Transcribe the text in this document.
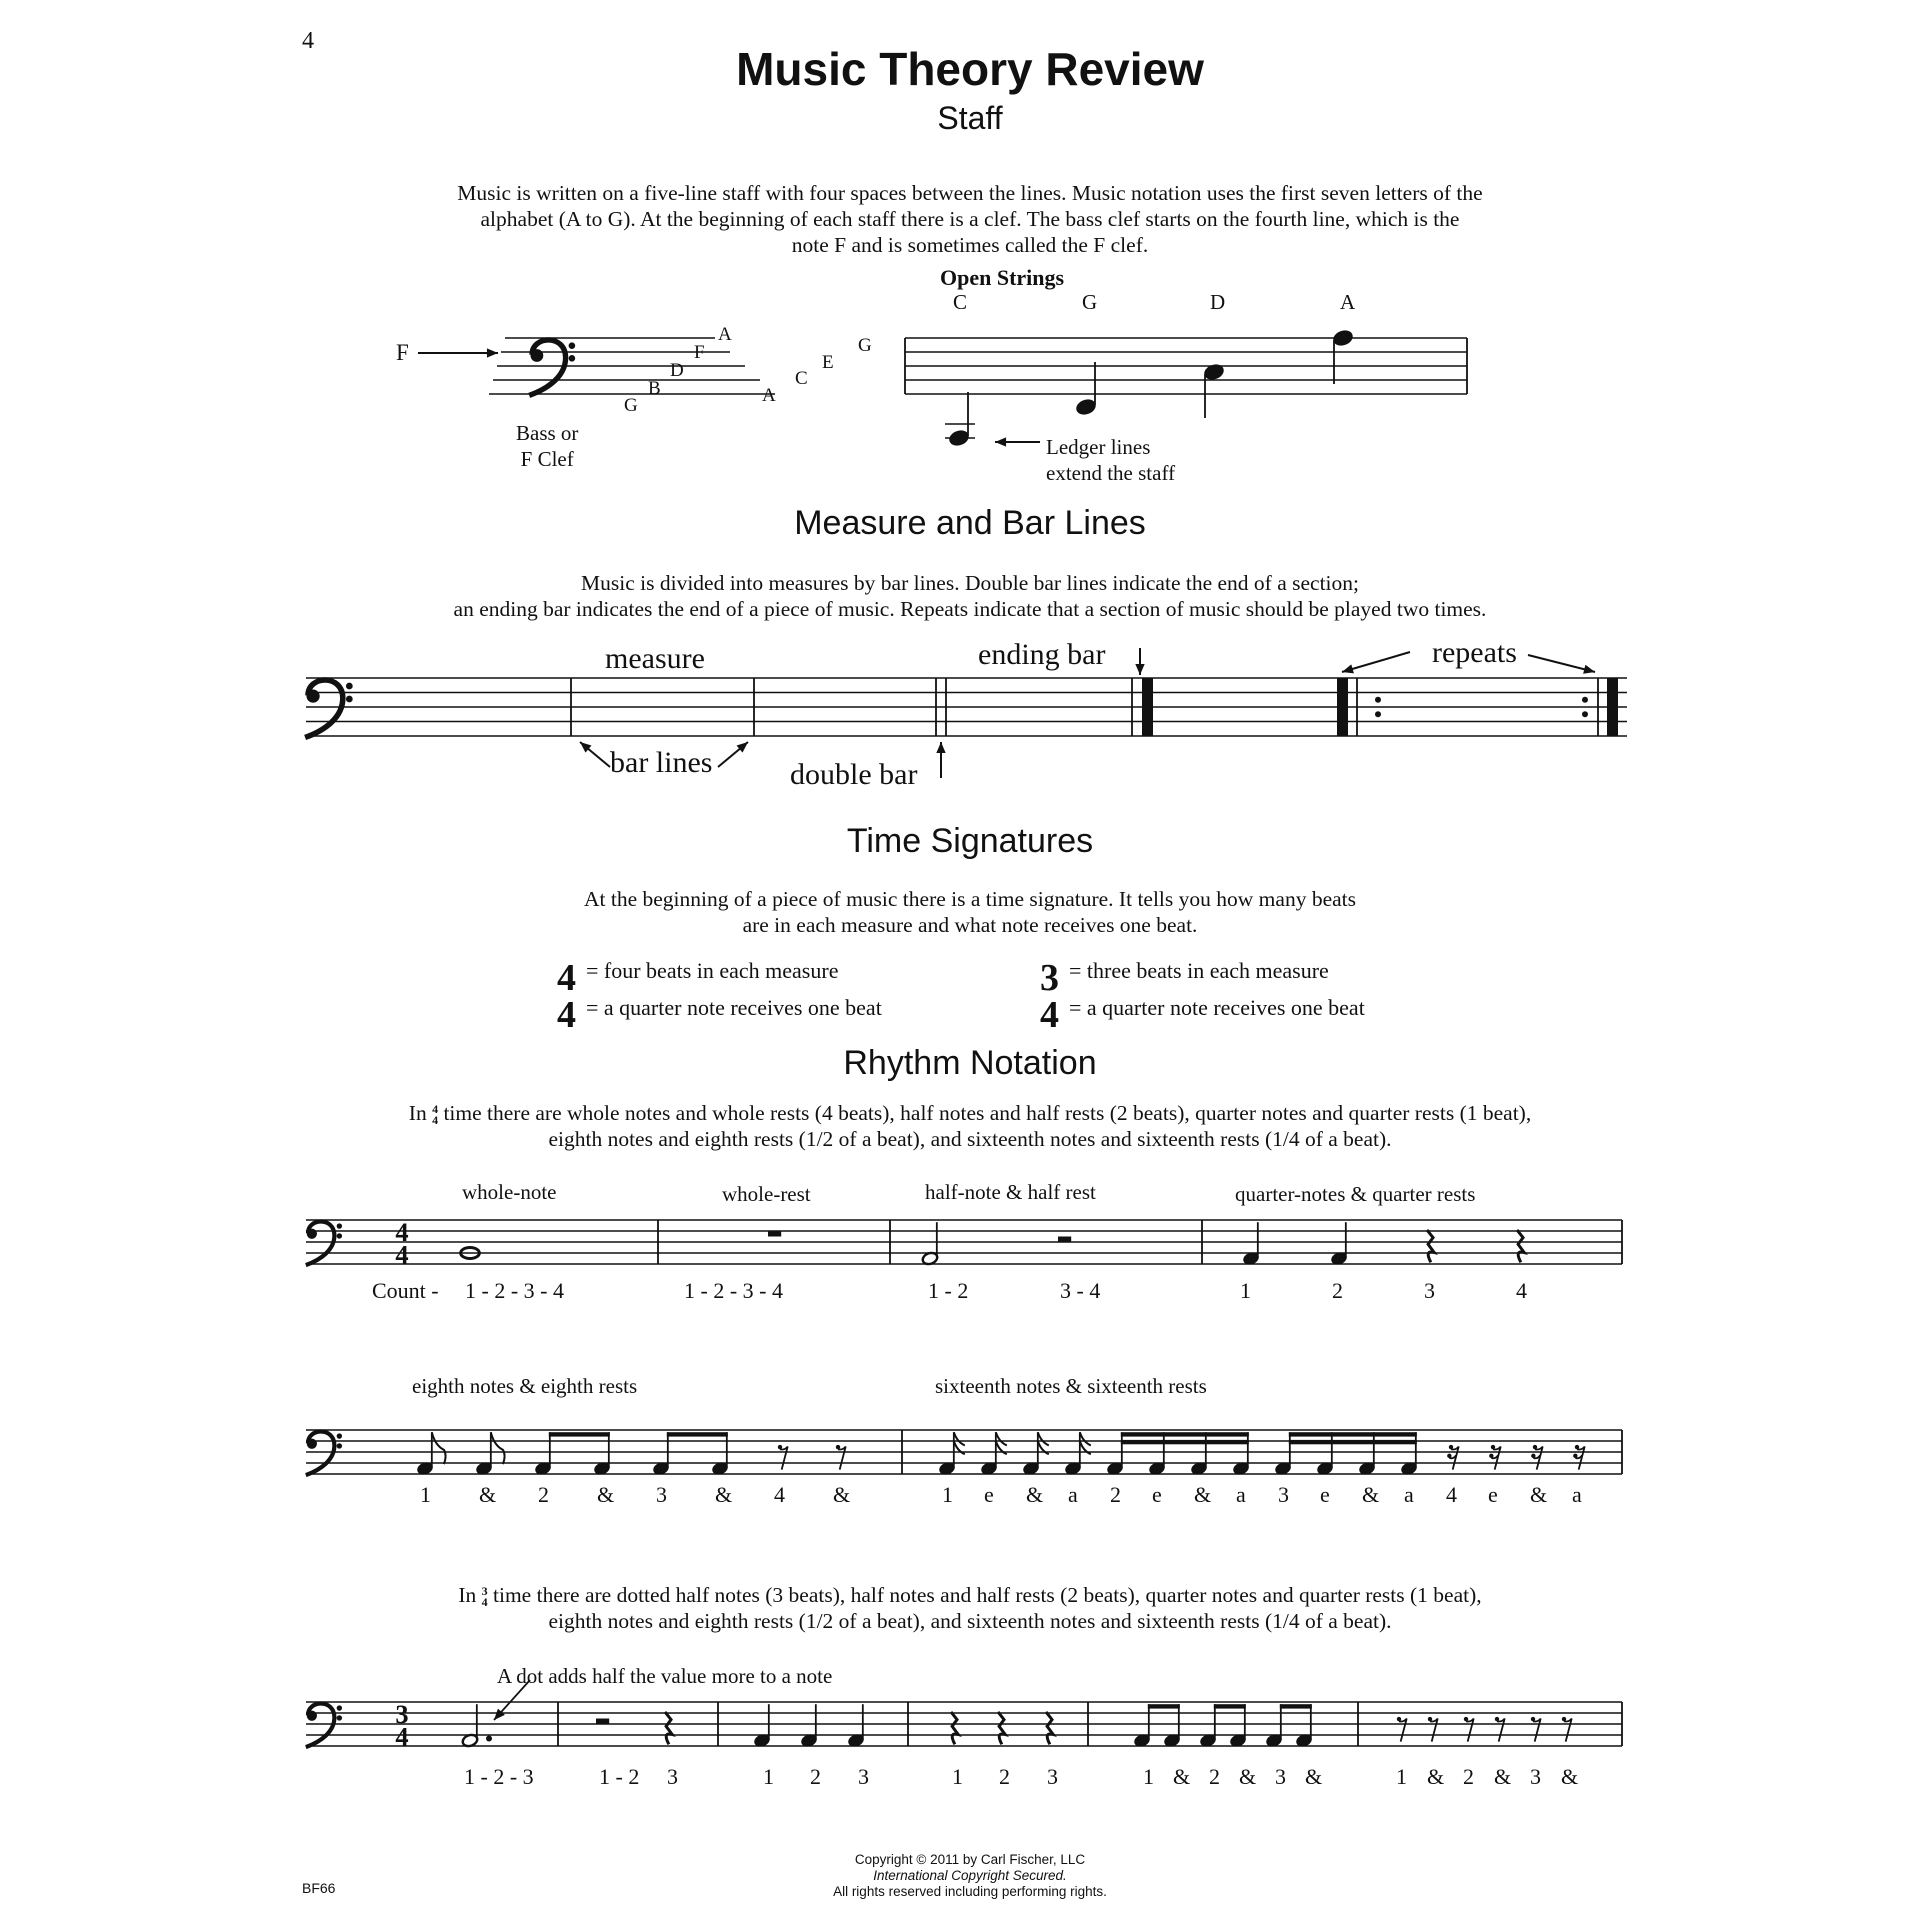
4
Music Theory Review
Staff
Music is written on a five-line staff with four spaces between the lines. Music notation uses the first seven letters of the
alphabet (A to G). At the beginning of each staff there is a clef. The bass clef starts on the fourth line, which is the
note F and is sometimes called the F clef.
Open Strings
C	G	D	A
F
A
F
D
B
G
G
E
C
A
Bass or
F Clef	Ledger lines
extend the staff
Measure and Bar Lines
Music is divided into measures by bar lines. Double bar lines indicate the end of a section;
an ending bar indicates the end of a piece of music. Repeats indicate that a section of music should be played two times.
measure
bar lines	double bar
ending bar	repeats
Time Signatures
At the beginning of a piece of music there is a time signature. It tells you how many beats
are in each measure and what note receives one beat.
4
4
= four beats in each measure
= a quarter note receives one beat
3
4
= three beats in each measure
= a quarter note receives one beat
Rhythm Notation
In 4
4 time there are whole notes and whole rests (4 beats), half notes and half rests (2 beats), quarter notes and quarter rests (1 beat),
eighth notes and eighth rests (1/2 of a beat), and sixteenth notes and sixteenth rests (1/4 of a beat).
whole-note	whole-rest	half-note & half rest	quarter-notes & quarter rests
Count - 1 - 2 - 3 - 4	1 - 2 - 3 - 4	1 - 2	3 - 4	1	2	3	4
eighth notes & eighth rests	sixteenth notes & sixteenth rests
1 & 2 & 3 & 4 &	1 e & a 2 e & a 3 e & a 4 e & a
In 3
4 time there are dotted half notes (3 beats), half notes and half rests (2 beats), quarter notes and quarter rests (1 beat),
eighth notes and eighth rests (1/2 of a beat), and sixteenth notes and sixteenth rests (1/4 of a beat).
A dot adds half the value more to a note
1 - 2 - 3	1 - 2 3	1 2 3	1 2 3	1 & 2 & 3 &	1 & 2 & 3 &
Copyright © 2011 by Carl Fischer, LLC
International Copyright Secured.
All rights reserved including performing rights.
BF66
4
4
3
4
